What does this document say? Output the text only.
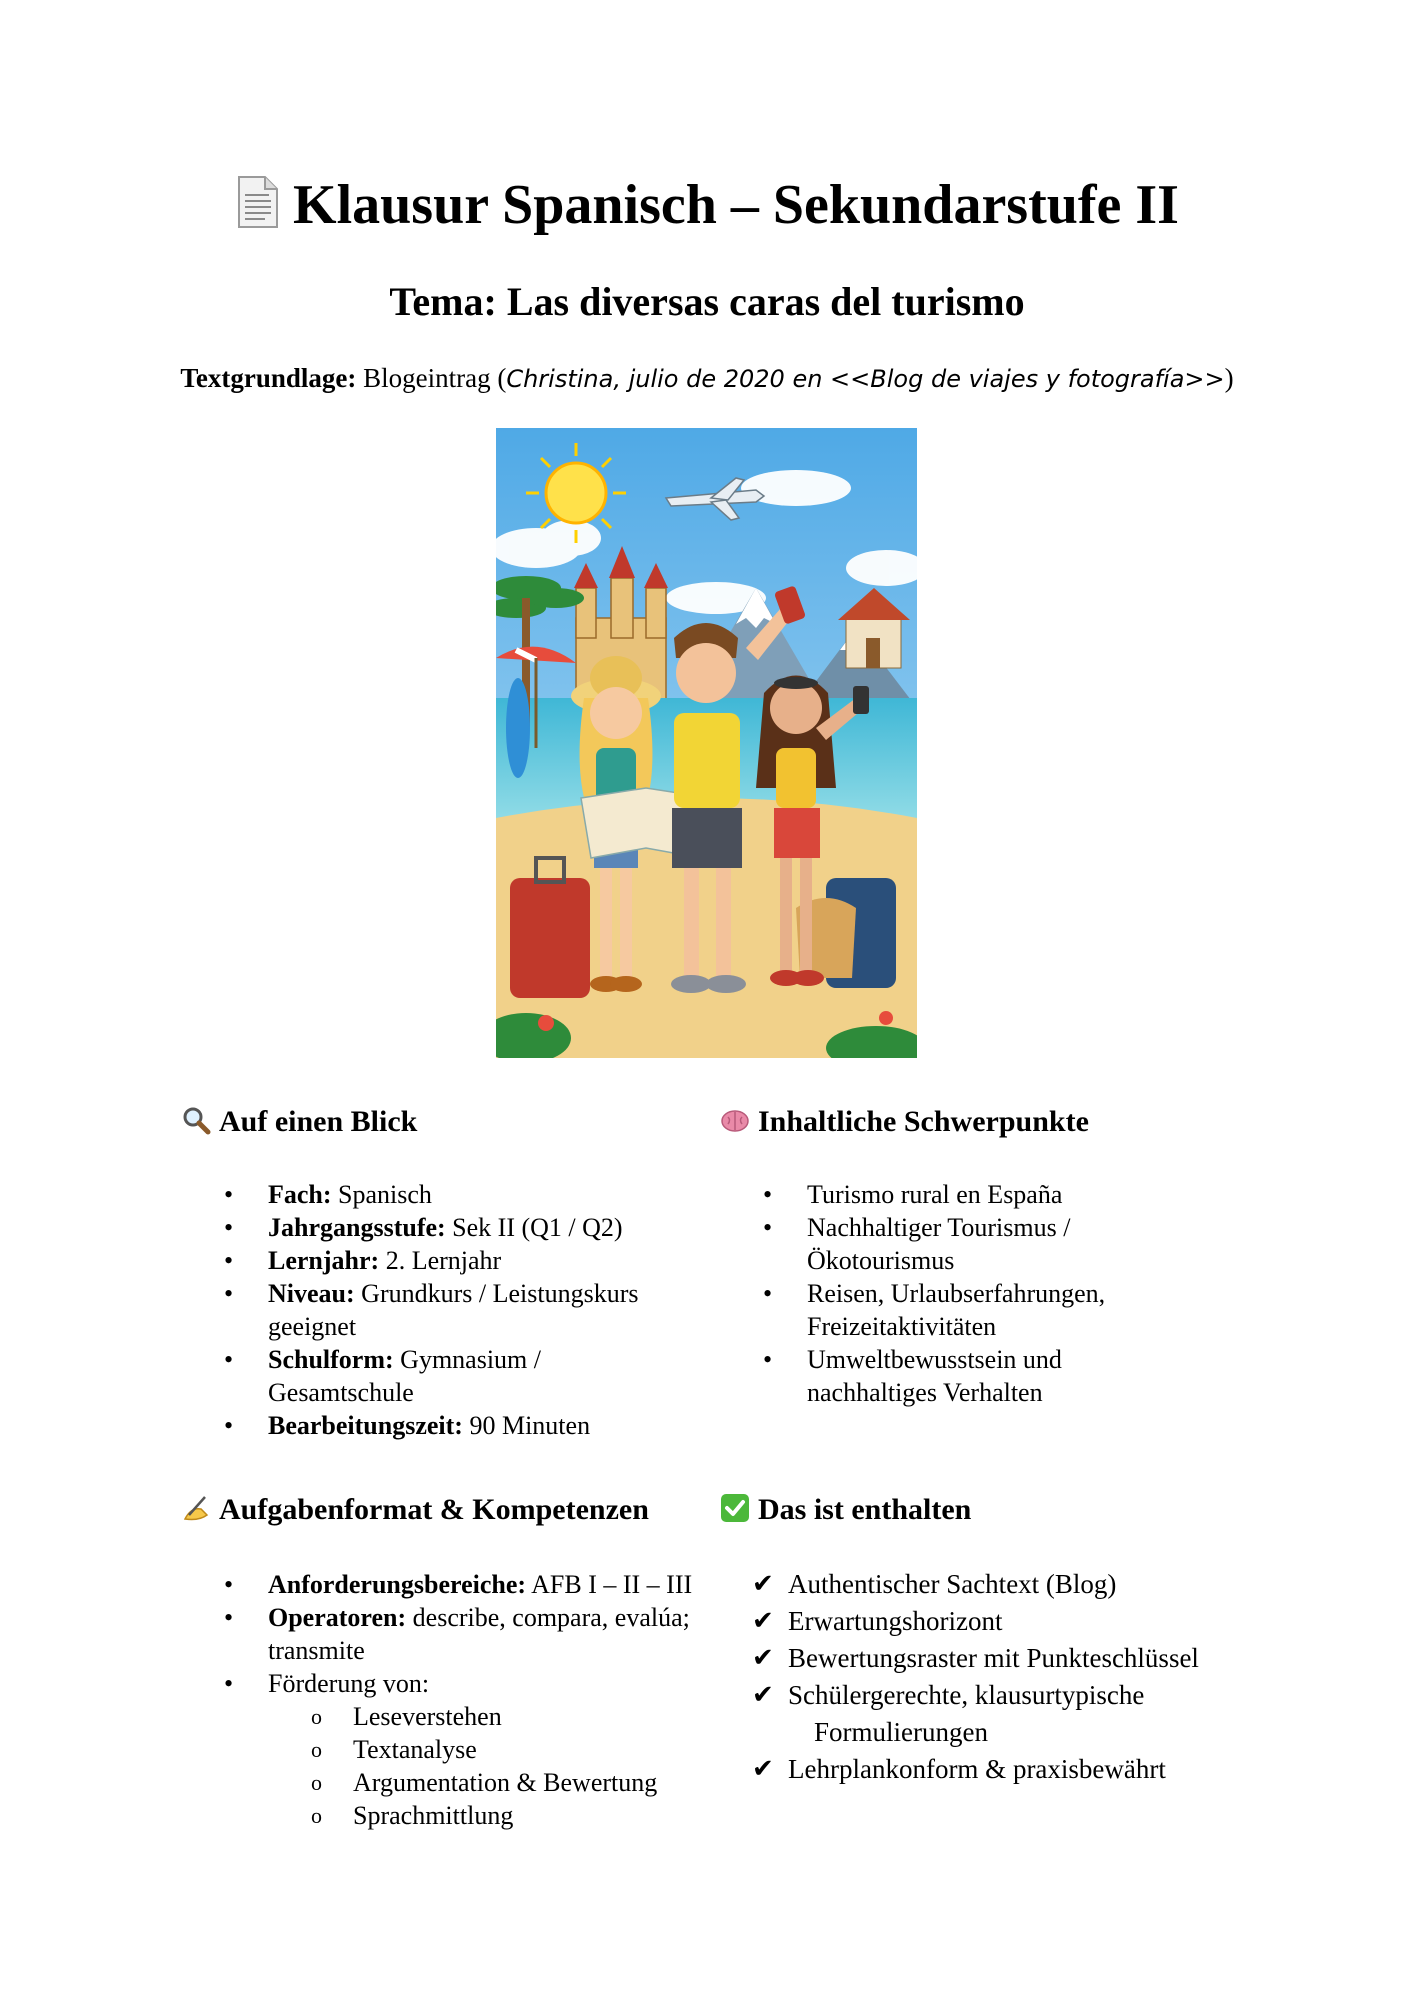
Klausur Spanisch – Sekundarstufe II
Tema: Las diversas caras del turismo
Textgrundlage: Blogeintrag (Christina, julio de 2020 en <<Blog de viajes y fotografía>>)
Auf einen Blick
• Fach: Spanisch
• Jahrgangsstufe: Sek II (Q1 / Q2)
• Lernjahr: 2. Lernjahr
• Niveau: Grundkurs / Leistungskurs geeignet
• Schulform: Gymnasium / Gesamtschule
• Bearbeitungszeit: 90 Minuten
Inhaltliche Schwerpunkte
• Turismo rural en España
• Nachhaltiger Tourismus / Ökotourismus
• Reisen, Urlaubserfahrungen, Freizeitaktivitäten
• Umweltbewusstsein und nachhaltiges Verhalten
Aufgabenformat & Kompetenzen
• Anforderungsbereiche: AFB I – II – III
• Operatoren: describe, compara, evalúa; transmite
• Förderung von:
o Leseverstehen
o Textanalyse
o Argumentation & Bewertung
o Sprachmittlung
Das ist enthalten
✔ Authentischer Sachtext (Blog)
✔ Erwartungshorizont
✔ Bewertungsraster mit Punkteschlüssel
✔ Schülergerechte, klausurtypische
Formulierungen
✔ Lehrplankonform & praxisbewährt
